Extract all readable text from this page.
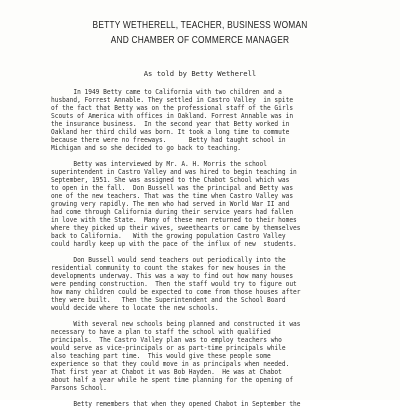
BETTY WETHERELL, TEACHER, BUSINESS WOMAN
AND CHAMBER OF COMMERCE MANAGER
As told by Betty Wetherell
In 1949 Betty came to California with two children and a
husband, Forrest Annable. They settled in Castro Valley  in spite
of the fact that Betty was on the professional staff of the Girls
Scouts of America with offices in Oakland. Forrest Annable was in
the insurance business.  In the second year that Betty worked in
Oakland her third child was born. It took a long time to commute
because there were no freeways.      Betty had taught school in
Michigan and so she decided to go back to teaching.
Betty was interviewed by Mr. A. H. Morris the school
superintendent in Castro Valley and was hired to begin teaching in
September, 1951. She was assigned to the Chabot School which was
to open in the fall.  Don Bussell was the principal and Betty was
one of the new teachers. That was the time when Castro Valley was
growing very rapidly. The men who had served in World War II and
had come through California during their service years had fallen
in love with the State.  Many of these men returned to their homes
where they picked up their wives, sweethearts or came by themselves
back to California.   With the growing population Castro Valley
could hardly keep up with the pace of the influx of new  students.
Don Bussell would send teachers out periodically into the
residential community to count the stakes for new houses in the
developments underway. This was a way to find out how many houses
were pending construction.  Then the staff would try to figure out
how many children could be expected to come from those houses after
they were built.   Then the Superintendent and the School Board
would decide where to locate the new schools.
With several new schools being planned and constructed it was
necessary to have a plan to staff the school with qualified
principals.  The Castro Valley plan was to employ teachers who
would serve as vice-principals or as part-time principals while
also teaching part time.  This would give these people some
experience so that they could move in as principals when needed.
That first year at Chabot it was Bob Hayden.  He was at Chabot
about half a year while he spent time planning for the opening of
Parsons School.
Betty remembers that when they opened Chabot in September the
